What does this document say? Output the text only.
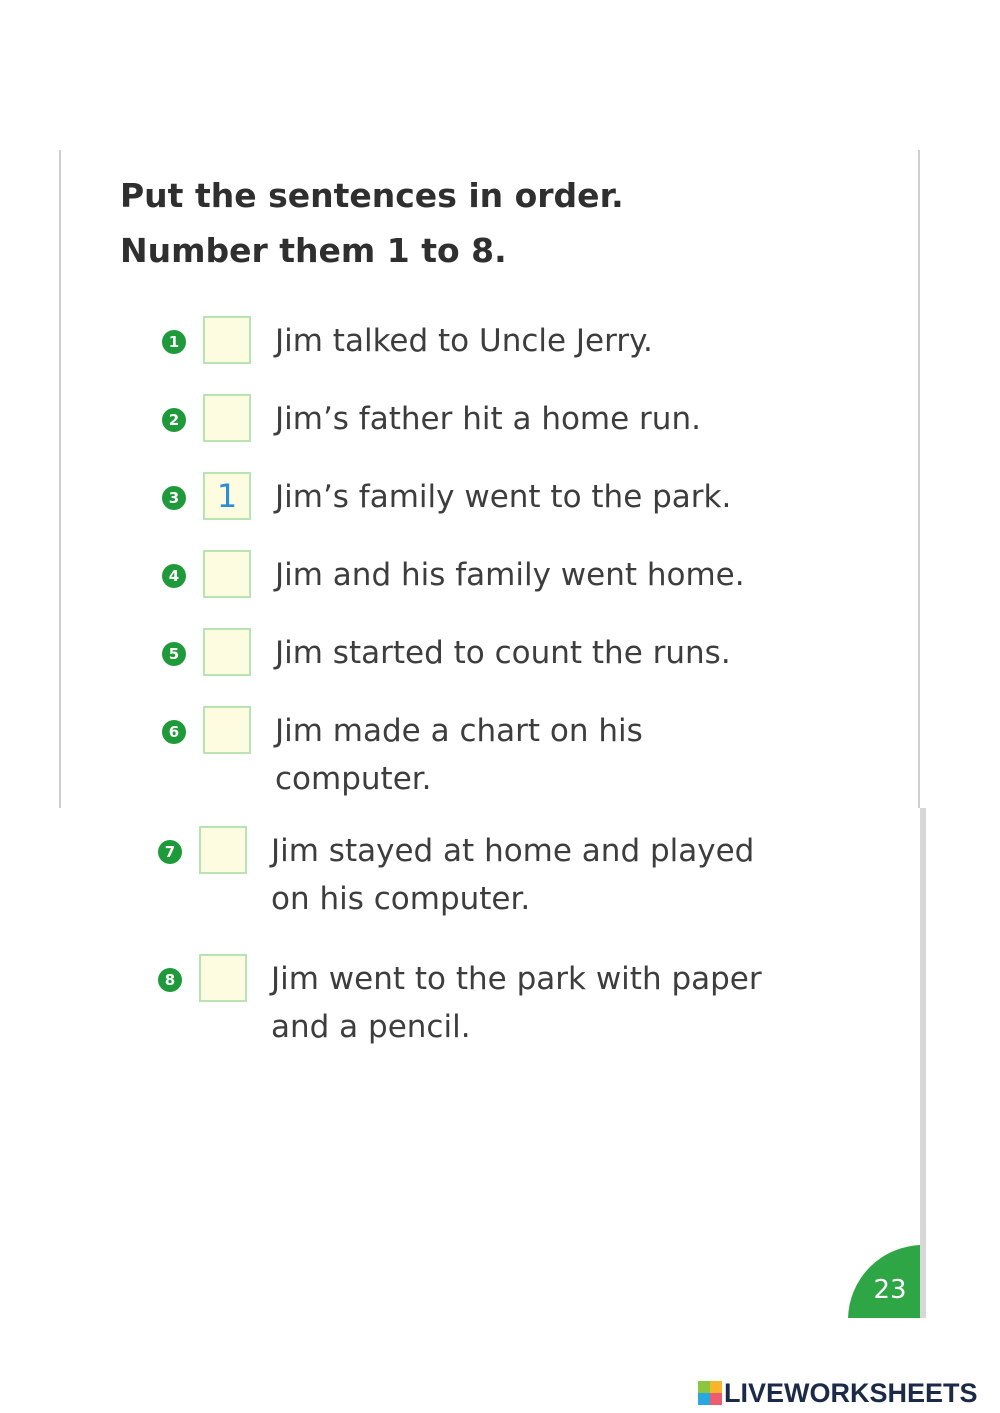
Put the sentences in order.
Number them 1 to 8.
1	Jim talked to Uncle Jerry.

2	Jim’s father hit a home run.

3	1	Jim’s family went to the park.

4	Jim and his family went home.

5	Jim started to count the runs.

6	Jim made a chart on his
computer.

7	Jim stayed at home and played
on his computer.

8	Jim went to the park with paper
and a pencil.

23
LIVEWORKSHEETS
